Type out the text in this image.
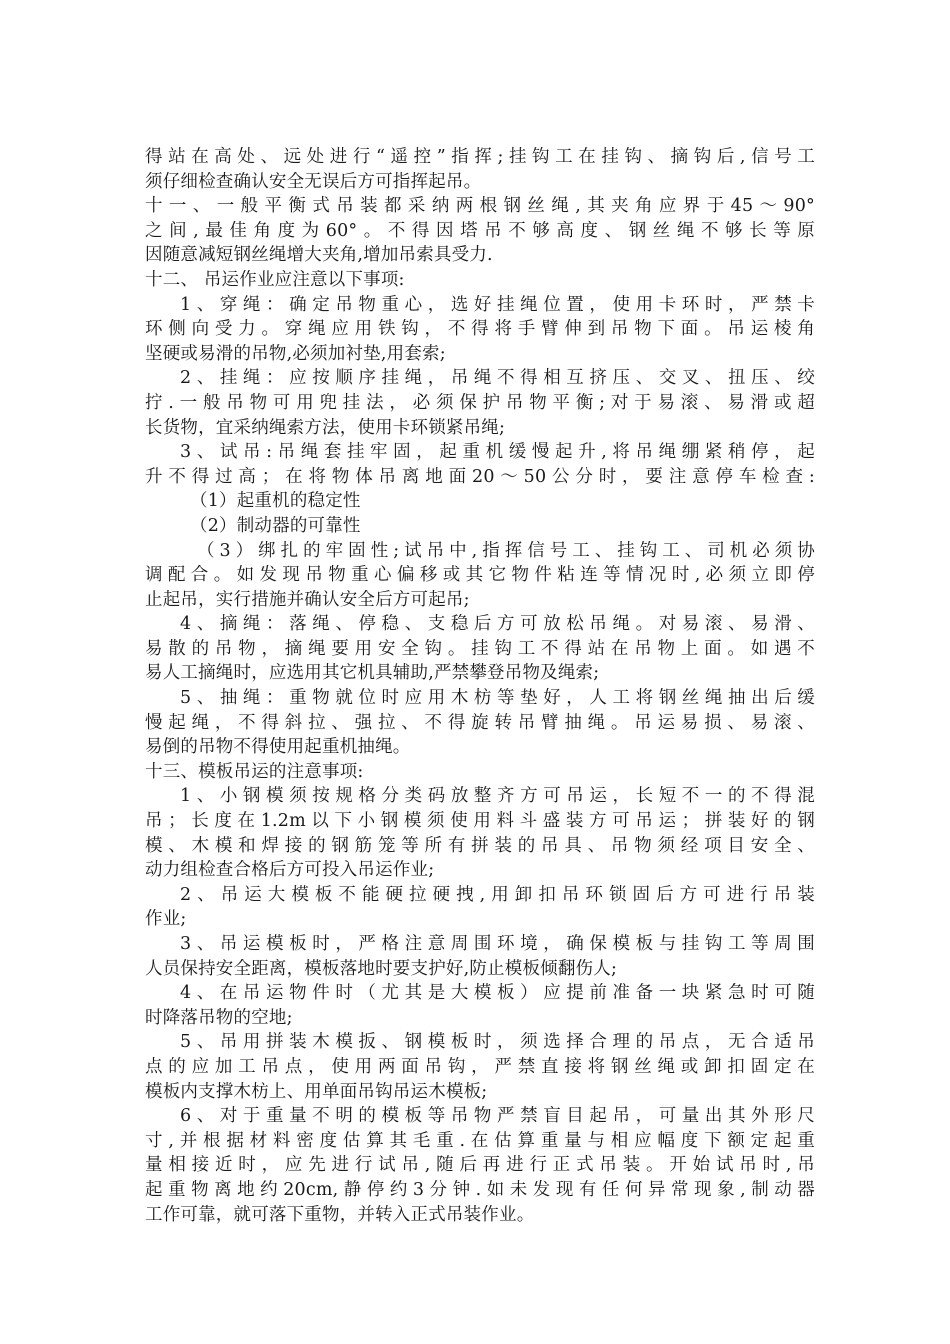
得站在高处、远处进行“遥控”指挥;挂钩工在挂钩、摘钩后,信号工
须仔细检查确认安全无误后方可指挥起吊。
十一、一般平衡式吊装都采纳两根钢丝绳,其夹角应界于45～90°
之间,最佳角度为60°。不得因塔吊不够高度、钢丝绳不够长等原
因随意减短钢丝绳增大夹角,增加吊索具受力.
十二、 吊运作业应注意以下事项:
1、穿绳：确定吊物重心，选好挂绳位置，使用卡环时，严禁卡
环侧向受力。穿绳应用铁钩，不得将手臂伸到吊物下面。吊运棱角
坚硬或易滑的吊物,必须加衬垫,用套索;
2、挂绳：应按顺序挂绳，吊绳不得相互挤压、交叉、扭压、绞
拧.一般吊物可用兜挂法，必须保护吊物平衡;对于易滚、易滑或超
长货物，宜采纳绳索方法，使用卡环锁紧吊绳;
3、试吊:吊绳套挂牢固，起重机缓慢起升,将吊绳绷紧稍停，起
升不得过高；在将物体吊离地面20～50公分时，要注意停车检查:
（1）起重机的稳定性
（2）制动器的可靠性
（3）绑扎的牢固性;试吊中,指挥信号工、挂钩工、司机必须协
调配合。如发现吊物重心偏移或其它物件粘连等情况时,必须立即停
止起吊，实行措施并确认安全后方可起吊;
4、摘绳：落绳、停稳、支稳后方可放松吊绳。对易滚、易滑、
易散的吊物，摘绳要用安全钩。挂钩工不得站在吊物上面。如遇不
易人工摘绳时，应选用其它机具辅助,严禁攀登吊物及绳索;
5、抽绳：重物就位时应用木枋等垫好，人工将钢丝绳抽出后缓
慢起绳，不得斜拉、强拉、不得旋转吊臂抽绳。吊运易损、易滚、
易倒的吊物不得使用起重机抽绳。
十三、模板吊运的注意事项:
1、小钢模须按规格分类码放整齐方可吊运，长短不一的不得混
吊；长度在1.2m以下小钢模须使用料斗盛装方可吊运；拼装好的钢
模、木模和焊接的钢筋笼等所有拼装的吊具、吊物须经项目安全、
动力组检查合格后方可投入吊运作业;
2、吊运大模板不能硬拉硬拽,用卸扣吊环锁固后方可进行吊装
作业;
3、吊运模板时，严格注意周围环境，确保模板与挂钩工等周围
人员保持安全距离，模板落地时要支护好,防止模板倾翻伤人;
4、在吊运物件时（尤其是大模板）应提前准备一块紧急时可随
时降落吊物的空地;
5、吊用拼装木模扳、钢模板时，须选择合理的吊点，无合适吊
点的应加工吊点，使用两面吊钩，严禁直接将钢丝绳或卸扣固定在
模板内支撑木枋上、用单面吊钩吊运木模板;
6、对于重量不明的模板等吊物严禁盲目起吊，可量出其外形尺
寸,并根据材料密度估算其毛重.在估算重量与相应幅度下额定起重
量相接近时，应先进行试吊,随后再进行正式吊装。开始试吊时,吊
起重物离地约20cm,静停约3分钟.如未发现有任何异常现象,制动器
工作可靠，就可落下重物，并转入正式吊装作业。
